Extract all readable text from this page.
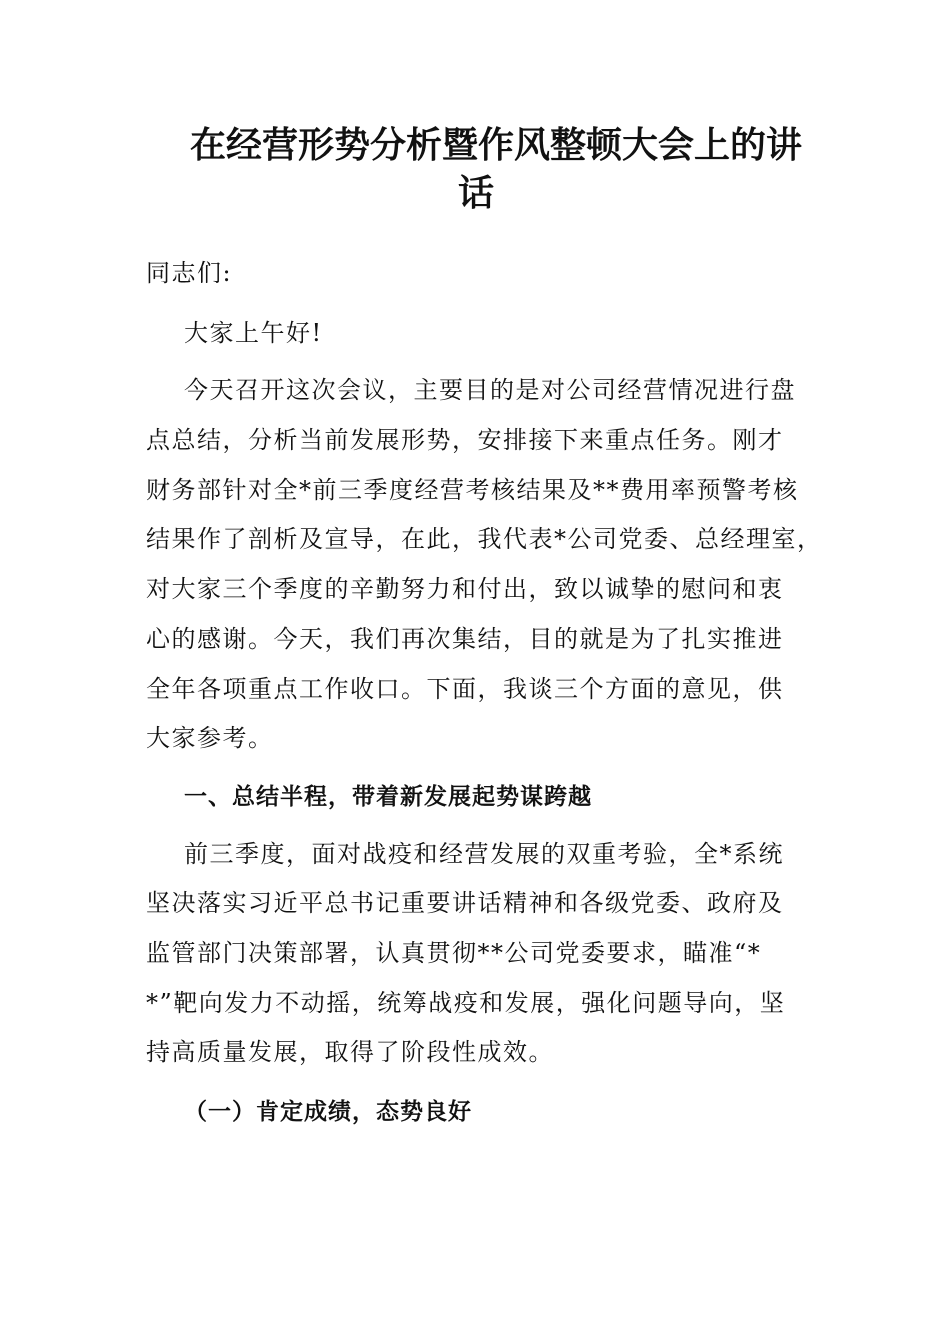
在经营形势分析暨作风整顿大会上的讲
话
同志们:
大家上午好!
今天召开这次会议，主要目的是对公司经营情况进行盘
点总结，分析当前发展形势，安排接下来重点任务。刚才
财务部针对全*前三季度经营考核结果及**费用率预警考核
结果作了剖析及宣导，在此，我代表*公司党委、总经理室，
对大家三个季度的辛勤努力和付出，致以诚挚的慰问和衷
心的感谢。今天，我们再次集结，目的就是为了扎实推进
全年各项重点工作收口。下面，我谈三个方面的意见，供
大家参考。
一、总结半程，带着新发展起势谋跨越
前三季度，面对战疫和经营发展的双重考验，全*系统
坚决落实习近平总书记重要讲话精神和各级党委、政府及
监管部门决策部署，认真贯彻**公司党委要求，瞄准“*
*”靶向发力不动摇，统筹战疫和发展，强化问题导向，坚
持高质量发展，取得了阶段性成效。
（一）肯定成绩，态势良好
